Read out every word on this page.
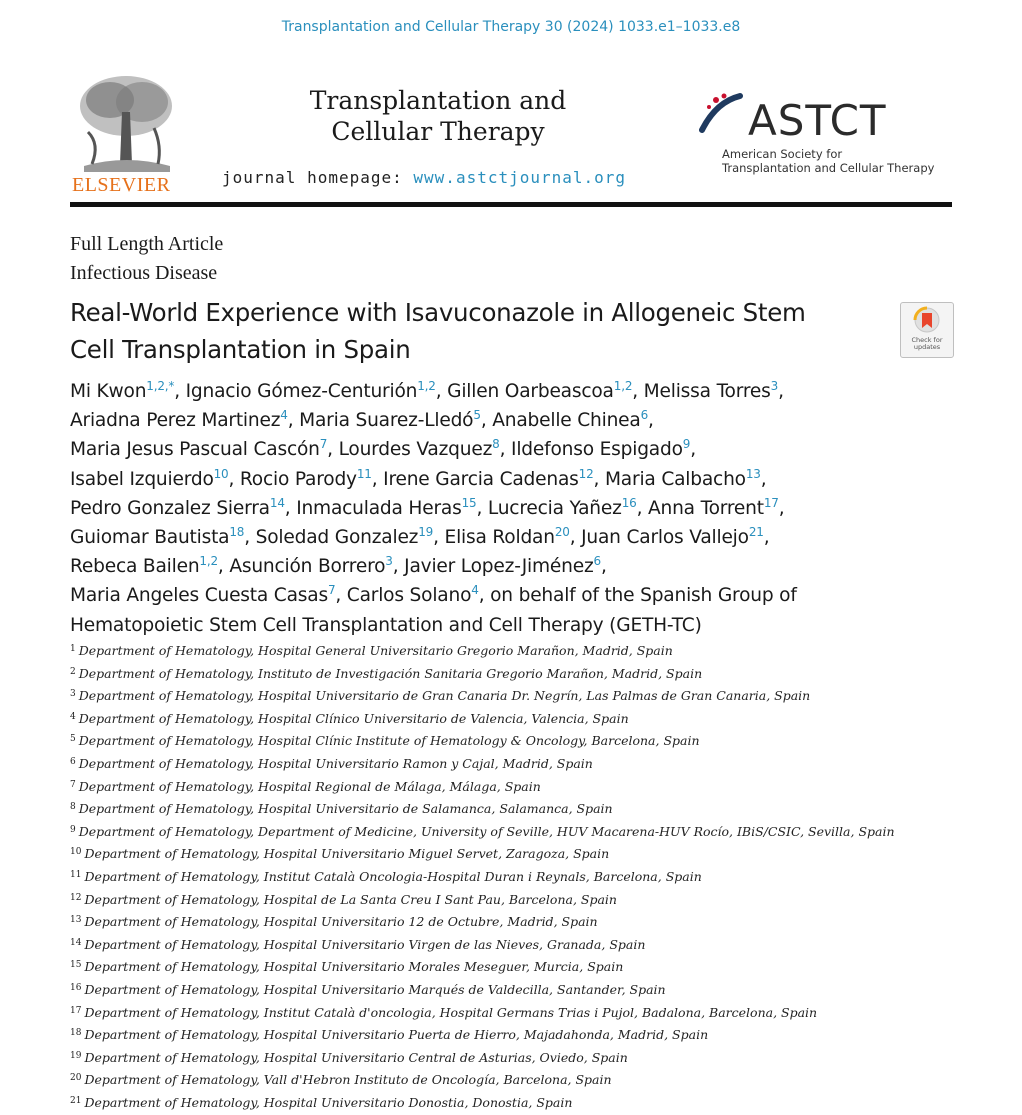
Transplantation and Cellular Therapy 30 (2024) 1033.e1–1033.e8
ELSEVIER
Transplantation and
Cellular Therapy
journal homepage: www.astctjournal.org
ASTCT
American Society for
Transplantation and Cellular Therapy
Full Length Article
Infectious Disease
Real-World Experience with Isavuconazole in Allogeneic Stem
Cell Transplantation in Spain	Check for
updates
Mi Kwon$^{1,2,*}$, Ignacio Gómez-Centurión$^{1,2}$, Gillen Oarbeascoa$^{1,2}$, Melissa Torres$^3$,
Ariadna Perez Martinez$^4$, Maria Suarez-Lledó$^5$, Anabelle Chinea$^6$,
Maria Jesus Pascual Cascón$^7$, Lourdes Vazquez$^8$, Ildefonso Espigado$^9$,
Isabel Izquierdo$^{10}$, Rocio Parody$^{11}$, Irene Garcia Cadenas$^{12}$, Maria Calbacho$^{13}$,
Pedro Gonzalez Sierra$^{14}$, Inmaculada Heras$^{15}$, Lucrecia Yañez$^{16}$, Anna Torrent$^{17}$,
Guiomar Bautista$^{18}$, Soledad Gonzalez$^{19}$, Elisa Roldan$^{20}$, Juan Carlos Vallejo$^{21}$,
Rebeca Bailen$^{1,2}$, Asunción Borrero$^3$, Javier Lopez-Jiménez$^6$,
Maria Angeles Cuesta Casas$^7$, Carlos Solano$^4$, on behalf of the Spanish Group of
Hematopoietic Stem Cell Transplantation and Cell Therapy (GETH-TC)
$^1$ Department of Hematology, Hospital General Universitario Gregorio Marañon, Madrid, Spain
$^2$ Department of Hematology, Instituto de Investigación Sanitaria Gregorio Marañon, Madrid, Spain
$^3$ Department of Hematology, Hospital Universitario de Gran Canaria Dr. Negrín, Las Palmas de Gran Canaria, Spain
$^4$ Department of Hematology, Hospital Clínico Universitario de Valencia, Valencia, Spain
$^5$ Department of Hematology, Hospital Clínic Institute of Hematology & Oncology, Barcelona, Spain
$^6$ Department of Hematology, Hospital Universitario Ramon y Cajal, Madrid, Spain
$^7$ Department of Hematology, Hospital Regional de Málaga, Málaga, Spain
$^8$ Department of Hematology, Hospital Universitario de Salamanca, Salamanca, Spain
$^9$ Department of Hematology, Department of Medicine, University of Seville, HUV Macarena-HUV Rocío, IBiS/CSIC, Sevilla, Spain
$^{10}$ Department of Hematology, Hospital Universitario Miguel Servet, Zaragoza, Spain
$^{11}$ Department of Hematology, Institut Català Oncologia-Hospital Duran i Reynals, Barcelona, Spain
$^{12}$ Department of Hematology, Hospital de La Santa Creu I Sant Pau, Barcelona, Spain
$^{13}$ Department of Hematology, Hospital Universitario 12 de Octubre, Madrid, Spain
$^{14}$ Department of Hematology, Hospital Universitario Virgen de las Nieves, Granada, Spain
$^{15}$ Department of Hematology, Hospital Universitario Morales Meseguer, Murcia, Spain
$^{16}$ Department of Hematology, Hospital Universitario Marqués de Valdecilla, Santander, Spain
$^{17}$ Department of Hematology, Institut Català d'oncologia, Hospital Germans Trias i Pujol, Badalona, Barcelona, Spain
$^{18}$ Department of Hematology, Hospital Universitario Puerta de Hierro, Majadahonda, Madrid, Spain
$^{19}$ Department of Hematology, Hospital Universitario Central de Asturias, Oviedo, Spain
$^{20}$ Department of Hematology, Vall d'Hebron Instituto de Oncología, Barcelona, Spain
$^{21}$ Department of Hematology, Hospital Universitario Donostia, Donostia, Spain
